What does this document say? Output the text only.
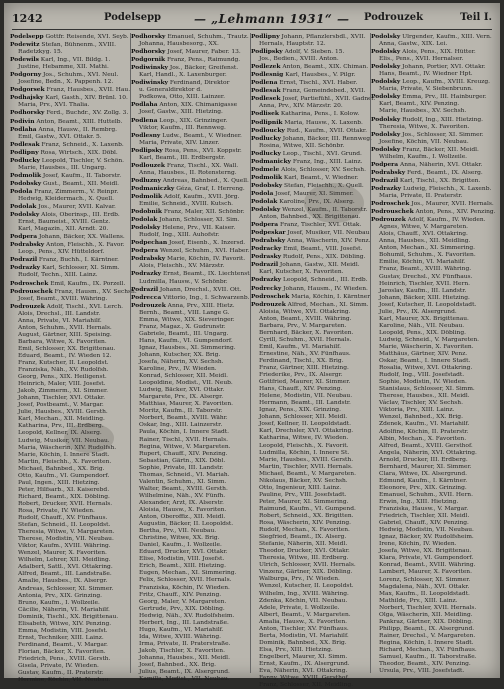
1242	Podelsepp	— „Lehmann 1931“ — Podrouzek	Teil I.

Podelsepp Gottfr. Reisende, XVI. Seyb.

Podewitz Stefan, Bühnenm., XVIII.

Radetzkyg. 15.

Podewils Karl, Ing., VII. Bildg. 1.

Justine, Hebamme, XII. Mathi.

Podgorny Jos., Schuhm., XVI. Neul.

Josefine, Bedn., X. Pappenh. 12.

Podgorsek Franz, Hausbes., XVII. Hau.

Podhajsky Karl, Gasth., XIV. Brünl. 10.

Maria, Prv., XVI. Thalia.

Podhorsky Ferd., Buchdr., XV. Zollg. 3.

Podivin Anton, Beamt., XIII. Huttelb.

Podlaha Anna, Hausw., II. Rembrg.

Emil, Gastw., XVI. Ottakr. 5.

Podlesak Franz, Schneid., X. Laxenb.

Podlipny Rosa, Wirtsch., XIX. Döbl.

Podlucky Leopold, Tischler, V. Schön.

Marie, Hausbes., III. Ungarg.

Podmolik Josef, Kaufm., II. Taborstr.

Podobsky Gust., Beamt., XII. Meidl.

Podola Franz, Zimmerm., V. Reinpr.

Hedwig, Kleidermach., X. Quell.

Podolak Jos., Maurer, XVII. Kalvar.

Podolsky Alois, Oberinsp., III. Erdb.

Ernst, Baumeist., XVIII. Gentz.

Karl, Magazin., XII. Arndt. 20.

Podpera Johann, Bäcker, XX. Wallens.

Podrabsky Anton, Fleischh., X. Favor.

Leop., Pens., XIV. Hütteldorf.

Podrazil Franz, Buchh., I. Kärntner.

Podrazky Karl, Schlosser, XI. Simm.

Rudolf, Techn., XIII. Lainz.

Podroschek Emil, Kaufm., IX. Porzell.

Podrouschek Franz, Hausm., XV. Sechsh.

Josef, Beamt., XVIII. Währing.

Podrouzek Adolf, Tischl., XVI. Lerch.

Alois, Drechsl., III. Landstr.

Anna, Private, VI. Mariahilf.

Anton, Schuhm., XVII. Hernals.

August, Gärtner, XIII. Speising.

Barbara, Witwe, X. Favoriten.

Emil, Schlosser, XX. Brigittenau.

Eduard, Beamt., IV. Wieden 12.

Franz, Kutscher, II. Leopoldst.

Franziska, Näh., XV. Rudolfsh.

Georg, Pens., XIX. Heiligenst.

Heinrich, Maler, VIII. Josefst.

Jakob, Zimmerm., XI. Simmer.

Johann, Tischler, XVI. Ottakr.

Josef, Postbeamt., V. Margar.

Julie, Hausbes., XVIII. Gersth.

Karl, Mechan., XII. Meidling.

Katharina, Prv., III. Erdberg.

Leopold, Kellner, IX. Alserg.

Ludwig, Musiker, VII. Neubau.

Maria, Wäscherin, XIV. Rudolfsh.

Marie, Köchin, I. Innere Stadt.

Martin, Fleischh., X. Favoriten.

Michael, Bahnbed., XX. Brig.

Otto, Kaufm., VI. Gumpendorf.

Paul, Ingen., XIII. Hietzing.

Peter, Hilfsarb., XI. Kaiserebd.

Richard, Beamt., XIX. Döbling.

Robert, Drucker, XVII. Hernals.

Rosa, Private, IV. Wieden.

Rudolf, Chauff., XV. Fünfhaus.

Stefan, Schneid., II. Leopoldst.

Theresia, Witwe, V. Margareten.

Therese, Modistin, VII. Neubau.

Viktor, Kaufm., XVIII. Währing.

Wenzel, Maurer, X. Favoriten.

Wilhelm, Lehrer, XII. Meidling.

Adalbert, Sattl., XVI. Ottakring.

Alfred, Beamt., III. Landstraße.

Amalie, Hausbes., IX. Alsergr.

Andreas, Schlosser, XI. Simmer.

Antonia, Prv., XIX. Grinzing.

Bruno, Kaufm., I. Wollzeile.

Cäcilie, Näherin, VI. Mariahilf.

Dominik, Tischl., XX. Brigittenau.

Elisabeth, Witwe, XIV. Penzing.

Emma, Modistin, VIII. Josefst.

Ernst, Techniker, XIII. Lainz.

Ferdinand, Beamt., V. Margar.

Florian, Bäcker, X. Favoriten.

Friedrich, Pens., XVIII. Gersth.

Gisela, Private, IV. Wieden.

Gustav, Kaufm., II. Praterstr.

Hermine, Köchin, VII. Neubau.

Podhorsky Emanuel, Schuhm., Trautz.

Johanna, Hausbesorg., XX.

Podhorsky Josef, Maurer, Faber. 13.

Podgornik Franz, Pens., Raimundg.

Podiwinsky Jos., Bäcker, Greifenst.

Karl, Handl., X. Laxenburger.

Podiwinsky Ferdinand, Direktor

u. Generaldirektor d.

Podkowa, Otto, XIII. Lainzer.

Podlaha Anton, XIX. Chimanigasse

Josef, Gastw., XIII. Hietzing.

Podlena Leop., XIX. Grinzinger.

Viktor, Kaufm., III. Rennweg.

Podlesny Ludw., Beamt., V. Wiedner.

Maria, Private, XIV. Linzer.

Podlipsky Rosa, Pens., XVI. Koppstr.

Karl, Beamt., III. Erdbergstr.

Podlouzek Franz, Tischl., XX. Wall.

Anna, Hausbes., II. Rotensterng.

Podluzny Andreas, Bahnbed., X. Quell.

Podmaniczky Géza, Graf, I. Herreng.

Podmolik Adolf, Kaufm., XVII. Jörg.

Emilie, Schneid., XVIII. Kutsch.

Podobnik Franz, Maler, XII. Schönbr.

Podolak Johann, Schlosser, XI. Sim.

Podolsky Helene, Prv., VII. Kaiser.

Rudolf, Ing., XIII. Auhofstr.

Podpechan Josef, Eisenb., X. Inzersd.

Podpera Wenzel, Schuhm., XVI. Haber.

Podrabsky Marie, Köchin, IV. Favorit.

Alois, Fleischh., XV. Märzstr.

Podrazky Ernst, Beamt., IX. Liechtenst.

Ludmilla, Hausw., V. Schönbr.

Podrazil Johann, Drechsl., XVII. Ott.

Podrecca Vittorio, Ing., I. Schwarzenb.

Podrouzek Anna, Prv., XIII. Hietz.

Bernh., Beamt., VIII. Lange G.

Emma, Witwe, XIX. Sieveringer.

Franz, Magaz., X. Gudrunstr.

Gabriele, Beamt., III. Ungarg.

Hans, Kaufm., VI. Gumpendorf.

Ignaz, Hausbes., XI. Simmering.

Johann, Kutscher, XX. Brig.

Josefa, Näherin, XV. Sechsh.

Karoline, Prv., IV. Wieden.

Konrad, Schlosser, XII. Meidl.

Leopoldine, Modist., VII. Neub.

Ludwig, Bäcker, XVI. Ottakr.

Margarete, Prv., IX. Alsergr.

Matthias, Maurer, X. Favoriten.

Moritz, Kaufm., II. Taborstr.

Norbert, Beamt., XVIII. Währ.

Oskar, Ing., XIII. Lainzerstr.

Paula, Köchin, I. Innere Stadt.

Rainer, Tischl., XVII. Hernals.

Regina, Witwe, V. Margareten.

Rupert, Chauff., XIV. Penzing.

Sebastian, Gärtn., XIX. Döbl.

Sophie, Private, III. Landstr.

Thomas, Schneid., VI. Mariah.

Valentin, Schuhm., XI. Simm.

Walter, Beamt., XVIII. Gersth.

Wilhelmine, Näh., XV. Fünfh.

Alexander, Arzt, IX. Alserstr.

Aloisia, Hausw., X. Favoriten.

Anton, Oberoffiz., XII. Meidl.

Augustin, Bäcker, II. Leopoldst.

Bertha, Prv., VII. Neubau.

Christine, Witwe, XX. Brig.

Daniel, Kaufm., I. Wollzeile.

Eduard, Drucker, XVI. Ottakr.

Elise, Modistin, VIII. Josefst.

Erich, Beamt., XIII. Hietzing.

Eugen, Mechan., XI. Simmering.

Felix, Schlosser, XVII. Hernals.

Franziska, Köchin, IV. Wieden.

Fritz, Chauff., XIV. Penzing.

Georg, Maler, V. Margareten.

Gertrude, Prv., XIX. Döbling.

Hedwig, Näh., XV. Rudolfsheim.

Herbert, Ing., III. Landstraße.

Hugo, Kaufm., VI. Mariahilf.

Ida, Witwe, XVIII. Währing.

Irma, Private, II. Praterstraße.

Jakob, Tischler, X. Favoriten.

Johanna, Hausbes., XII. Meidl.

Josef, Bahnbed., XX. Brig.

Julius, Beamt., IX. Alsergrund.

Kamilla, Modist., VII. Neubau.

Podlipny Johann, Pflanzlersbdl., XVII.

Hernals, Hauptstr. 12.

Podlipsky Adolf, V. Sieben. 15.

Jos., Bedien., XVIII. Anton.

Podlezek Anton, Beamt., XIX. Chiman.

Podlesnig Karl, Hausbes., V. Pilgr.

Podlena Ernst, Tischl., XVI. Haber.

Podlesak Franz, Gemeindebed., XVII.

Podlesek Josef, Partiefühl., XVII. Gadner.

Anna, Prv., XIV. Märzstr. 20.

Podlisek Katharina, Pens., I. Kolow.

Podlipnik Maria, Hausw., X. Laxenb.

Podloucky Rud., Kaufm., XVII. Ottakr.

Podlucky Johann, Bäcker, III. Rennweg.

Rosina, Witwe, XII. Schönbr.

Podlucky Leop., Tischl., XVI. Grund.

Podmanicky Franz, Ing., XIII. Lainz.

Podmele Alois, Schlosser, XV. Sechsh.

Podmolik Karl, Beamt., V. Wiedner.

Podobsky Stefan, Fleischh., X. Quell.

Podola Josef, Maurer, XI. Simmer.

Podolak Karoline, Prv., IX. Alserg.

Podolsky Wenzel, Kaufm., II. Taborstr.

Anton, Bahnbed., XX. Brigittenau.

Podpera Franz, Tischler, XVI. Ottak.

Podpeskar Josef, Musiker, VII. Neubau.

Podrabsky Anna, Wäscherin, XIV. Penz.

Podracky Emil, Beamt., VIII. Josefst.

Podrasky Rudolf, Pens., XIX. Döbling.

Podrazil Johann, Gastw., XII. Meidl.

Karl, Kutscher, X. Favoriten.

Podrazky Leopold, Schneid., III. Erdb.

Podrecky Johann, Hausm., IV. Wieden.

Podroschek Maria, Köchin, I. Kärntner.

Podrouzek Alfred, Mechan., XI. Simm.

Aloisia, Witwe, XVI. Ottakring.

Anton, Beamt., XVIII. Währing.

Barbara, Prv., V. Margareten.

Bernhard, Bäcker, X. Favoriten.

Cyrill, Schuhm., XVII. Hernals.

Emil, Kaufm., VI. Mariahilf.

Ernestine, Näh., XV. Fünfhaus.

Ferdinand, Tischl., XX. Brig.

Franz, Gärtner, XIII. Hietzing.

Friederike, Prv., IX. Alsergr.

Gottfried, Maurer, XI. Simmer.

Hans, Chauff., XIV. Penzing.

Helene, Modistin, VII. Neubau.

Hermann, Beamt., III. Landstr.

Ignaz, Pens., XIX. Grinzing.

Johann, Schlosser, XII. Meidl.

Josef, Kellner, II. Leopoldstadt.

Karl, Drechsler, XVI. Ottakring.

Katharina, Witwe, IV. Wieden.

Leopold, Fleischh., X. Favorit.

Ludmilla, Köchin, I. Innere St.

Marie, Hausbes., XVIII. Gersth.

Martin, Tischler, XVII. Hernals.

Michael, Beamt., V. Margareten.

Nikolaus, Bäcker, XV. Sechsh.

Otto, Ingenieur, XIII. Lainz.

Pauline, Prv., VIII. Josefstadt.

Peter, Maurer, XI. Simmering.

Raimund, Kaufm., VI. Gumpend.

Robert, Schneid., XX. Brigitten.

Rosa, Wäscherin, XIV. Penzing.

Rudolf, Mechan., X. Favoriten.

Siegfried, Beamt., IX. Alserg.

Stefanie, Näherin, XII. Meidl.

Theodor, Drucker, XVI. Ottakr.

Theresia, Witwe, III. Erdberg.

Ulrich, Schlosser, XVII. Hernals.

Vinzenz, Gärtner, XIX. Döbling.

Walburga, Prv., IV. Wieden.

Wenzel, Kutscher, II. Leopoldst.

Wilhelm, Ing., XVIII. Währing.

Zdenka, Köchin, VII. Neubau.

Adele, Private, I. Wollzeile.

Albert, Beamt., V. Margareten.

Amalia, Hausw., X. Favoriten.

Anton, Tischler, XV. Fünfhaus.

Berta, Modistin, VI. Mariahilf.

Dominik, Bahnbed., XX. Brig.

Elsa, Prv., XIII. Hietzing.

Engelbert, Maurer, XI. Simm.

Ernst, Kaufm., IX. Alsergrund.

Eva, Näherin, XVI. Ottakring.

Fanny, Witwe, XVIII. Gersthof.

Franz, Schlosser, XII. Meidling.

Podolsky Ulrgender, Kaufm., XIII. Vern.

Anna, Gastw., XIX. Lei.

Podolsky Alois, Pens., XIX. Hütter.

Elis., Pens., XVII. Hernalser.

Podolsky Johann, Portier, XVI. Ottakr.

Hans, Beamt., IV. Wiedner Hpt.

Podolsky Leop., Kaufm., XVIII. Kreuzg.

Maria, Private, V. Siebenbrunn.

Podolsky Emma, Prv., III. Hainburger.

Karl, Beamt., XIV. Penzing.

Marie, Hausbes., XV. Sechsh.

Podolsky Rudolf, Ing., XIII. Hietzing.

Theresia, Witwe, X. Favoriten.

Podolsky Jos., Schlosser, XI. Simmer.

Josefine, Köchin, VII. Neubau.

Podolsky Franz, Bäcker, XII. Meidl.

Wilhelm, Kaufm., I. Wollzeile.

Podpera Anna, Näherin, XVI. Ottakr.

Podrabsky Ferd., Beamt., IX. Alserg.

Podrazil Karl, Tischl., XX. Brigitten.

Podrazky Ludwig, Fleischh., X. Laxenb.

Maria, Private, II. Praterstr.

Podroschek Jos., Maurer, XVII. Hernals.

Podrouschek Anton, Pens., XIV. Penzing.

Podrouzek Adolf, Kaufm., IV. Wieden.

Agnes, Witwe, V. Margareten.

Alois, Chauff., XVI. Ottakring.

Anna, Hausbes., XII. Meidling.

Anton, Mechan., XI. Simmering.

Bohumil, Schuhm., X. Favoriten.

Emilie, Köchin, VI. Mariahilf.

Franz, Beamt., XVIII. Währing.

Gustav, Drechsl., XV. Fünfhaus.

Heinrich, Tischler, XVII. Hern.

Jaroslav, Kaufm., III. Landstr.

Johann, Bäcker, XIII. Hietzing.

Josef, Kutscher, II. Leopoldstadt.

Julie, Prv., IX. Alsergrund.

Karl, Maurer, XX. Brigittenau.

Karoline, Näh., VII. Neubau.

Leopold, Pens., XIX. Döbling.

Ludwig, Schneid., V. Margareten.

Marie, Wäscherin, X. Favoriten.

Matthäus, Gärtner, XIV. Penz.

Oskar, Beamt., I. Innere Stadt.

Rosalia, Witwe, XVI. Ottakring.

Rudolf, Ing., VIII. Josefstadt.

Sophie, Modistin, IV. Wieden.

Stanislaus, Schlosser, XI. Simm.

Therese, Hausbes., XII. Meidl.

Václav, Tischler, XV. Sechsh.

Viktoria, Prv., XIII. Lainz.

Wenzel, Bahnbed., XX. Brig.

Zdenek, Kaufm., VI. Mariahilf.

Adolfine, Köchin, II. Praterstr.

Albin, Mechan., X. Favoriten.

Alfred, Beamt., XVIII. Gersthof.

Angela, Näherin, XVI. Ottakring.

Arnold, Drucker, III. Erdberg.

Bernhard, Maurer, XI. Simmer.

Clara, Witwe, IX. Alsergrund.

Edmund, Kaufm., I. Kärntner.

Eleonore, Prv., XIX. Grinzing.

Emanuel, Schuhm., XVII. Hern.

Erwin, Ing., XIII. Hietzing.

Franziska, Hausw., V. Margar.

Friedrich, Tischler, XII. Meidl.

Gabriel, Chauff., XIV. Penzing.

Hedwig, Modistin, VII. Neubau.

Ignaz, Bäcker, XV. Rudolfsheim.

Irene, Köchin, IV. Wieden.

Josefa, Witwe, XX. Brigittenau.

Klara, Private, VI. Gumpendorf.

Konrad, Beamt., XVIII. Währing.

Lambert, Maurer, X. Favoriten.

Lorenz, Schlosser, XI. Simmer.

Magdalena, Näh., XVI. Ottakr.

Max, Kaufm., II. Leopoldstadt.

Mathilde, Prv., XIII. Lainz.

Norbert, Tischler, XVII. Hernals.

Olga, Wäscherin, XII. Meidling.

Pankraz, Gärtner, XIX. Döbling.

Philipp, Beamt., IX. Alsergrund.

Rainer, Drechsl., V. Margareten.

Regina, Köchin, I. Innere Stadt.

Richard, Mechan., XV. Fünfhaus.

Samuel, Kaufm., II. Taborstraße.

Theodor, Beamt., XIV. Penzing.

Ursula, Prv., VIII. Josefstadt.
